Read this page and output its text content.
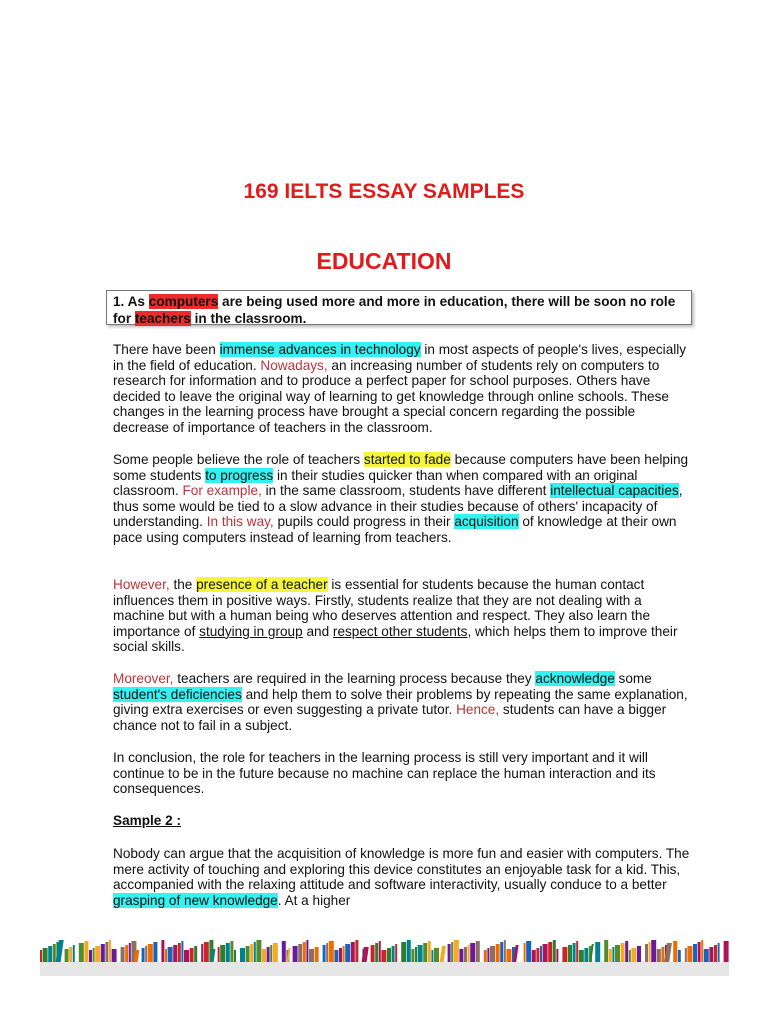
169 IELTS ESSAY SAMPLES
EDUCATION
1. As computers are being used more and more in education, there will be soon no role for teachers in the classroom.

There have been immense advances in technology in most aspects of people's lives, especially in the field of education. Nowadays, an increasing number of students rely on computers to research for information and to produce a perfect paper for school purposes. Others have decided to leave the original way of learning to get knowledge through online schools. These changes in the learning process have brought a special concern regarding the possible decrease of importance of teachers in the classroom.

Some people believe the role of teachers started to fade because computers have been helping some students to progress in their studies quicker than when compared with an original classroom. For example, in the same classroom, students have different intellectual capacities, thus some would be tied to a slow advance in their studies because of others' incapacity of understanding. In this way, pupils could progress in their acquisition of knowledge at their own pace using computers instead of learning from teachers.

However, the presence of a teacher is essential for students because the human contact influences them in positive ways. Firstly, students realize that they are not dealing with a machine but with a human being who deserves attention and respect. They also learn the importance of studying in group and respect other students, which helps them to improve their social skills.

Moreover, teachers are required in the learning process because they acknowledge some student's deficiencies and help them to solve their problems by repeating the same explanation, giving extra exercises or even suggesting a private tutor. Hence, students can have a bigger chance not to fail in a subject.

In conclusion, the role for teachers in the learning process is still very important and it will continue to be in the future because no machine can replace the human interaction and its consequences.

Sample 2 :

Nobody can argue that the acquisition of knowledge is more fun and easier with computers. The mere activity of touching and exploring this device constitutes an enjoyable task for a kid. This, accompanied with the relaxing attitude and software interactivity, usually conduce to a better grasping of new knowledge. At a higher
